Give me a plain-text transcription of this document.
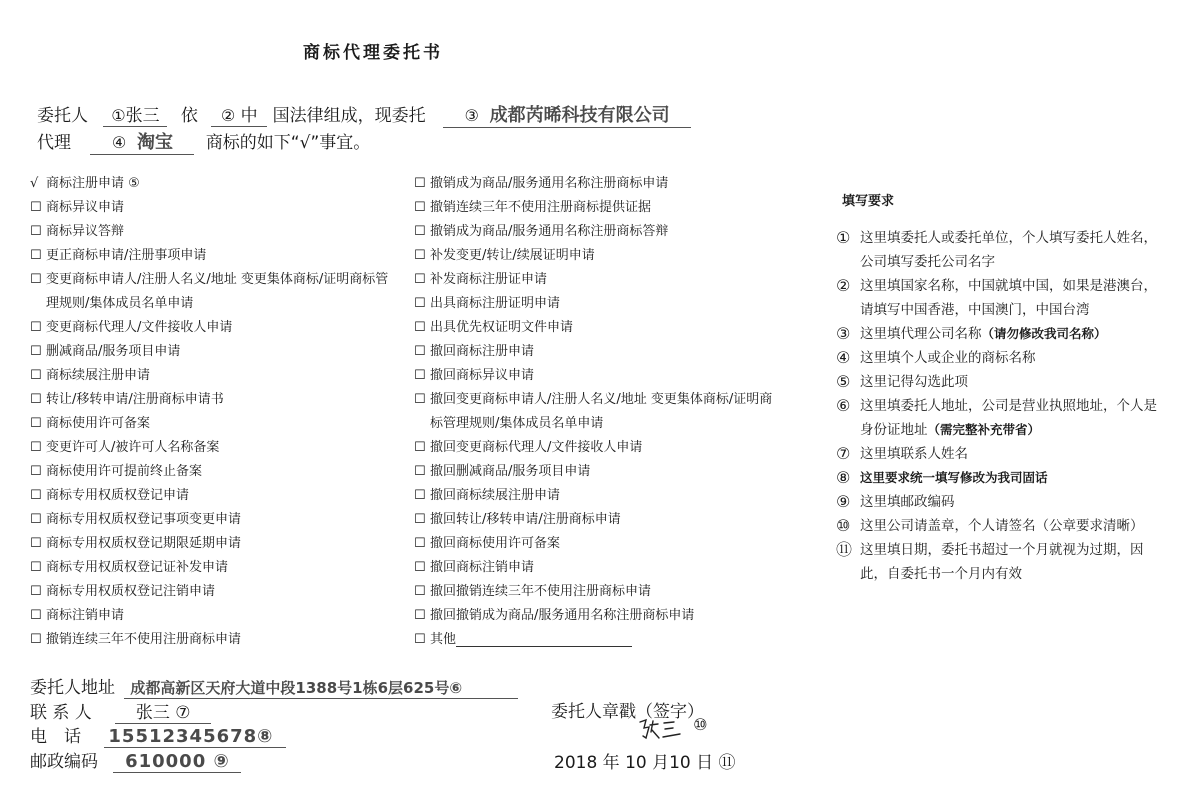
商标代理委托书
委托人 ①张三 依 ② 中 国法律组成，现委托 ③ 成都芮晞科技有限公司
代理	④ 淘宝 商标的如下“√”事宜。
√ 商标注册申请 ⑤
☐ 商标异议申请
☐ 商标异议答辩
☐ 更正商标申请/注册事项申请
☐ 变更商标申请人/注册人名义/地址 变更集体商标/证明商标管理规则/集体成员名单申请
☐ 变更商标代理人/文件接收人申请
☐ 删减商品/服务项目申请
☐ 商标续展注册申请
☐ 转让/移转申请/注册商标申请书
☐ 商标使用许可备案
☐ 变更许可人/被许可人名称备案
☐ 商标使用许可提前终止备案
☐ 商标专用权质权登记申请
☐ 商标专用权质权登记事项变更申请
☐ 商标专用权质权登记期限延期申请
☐ 商标专用权质权登记证补发申请
☐ 商标专用权质权登记注销申请
☐ 商标注销申请
☐ 撤销连续三年不使用注册商标申请
☐ 撤销成为商品/服务通用名称注册商标申请
☐ 撤销连续三年不使用注册商标提供证据
☐ 撤销成为商品/服务通用名称注册商标答辩
☐ 补发变更/转让/续展证明申请
☐ 补发商标注册证申请
☐ 出具商标注册证明申请
☐ 出具优先权证明文件申请
☐ 撤回商标注册申请
☐ 撤回商标异议申请
☐ 撤回变更商标申请人/注册人名义/地址 变更集体商标/证明商标管理规则/集体成员名单申请
☐ 撤回变更商标代理人/文件接收人申请
☐ 撤回删减商品/服务项目申请
☐ 撤回商标续展注册申请
☐ 撤回转让/移转申请/注册商标申请
☐ 撤回商标使用许可备案
☐ 撤回商标注销申请
☐ 撤回撤销连续三年不使用注册商标申请
☐ 撤回撤销成为商品/服务通用名称注册商标申请
☐ 其他
填写要求
① 这里填委托人或委托单位，个人填写委托人姓名，公司填写委托公司名字
② 这里填国家名称，中国就填中国，如果是港澳台，请填写中国香港，中国澳门，中国台湾
③ 这里填代理公司名称（请勿修改我司名称）
④ 这里填个人或企业的商标名称
⑤ 这里记得勾选此项
⑥ 这里填委托人地址，公司是营业执照地址，个人是身份证地址（需完整补充带省）
⑦ 这里填联系人姓名
⑧ 这里要求统一填写修改为我司固话
⑨ 这里填邮政编码
⑩ 这里公司请盖章，个人请签名（公章要求清晰）
⑪ 这里填日期，委托书超过一个月就视为过期，因此，自委托书一个月内有效
委托人地址 成都高新区天府大道中段1388号1栋6层625号⑥
联 系 人	张三 ⑦
电　话 15512345678⑧
邮政编码 610000 ⑨
委托人章戳（签字）
⑩
2018 年 10 月10 日 ⑪
